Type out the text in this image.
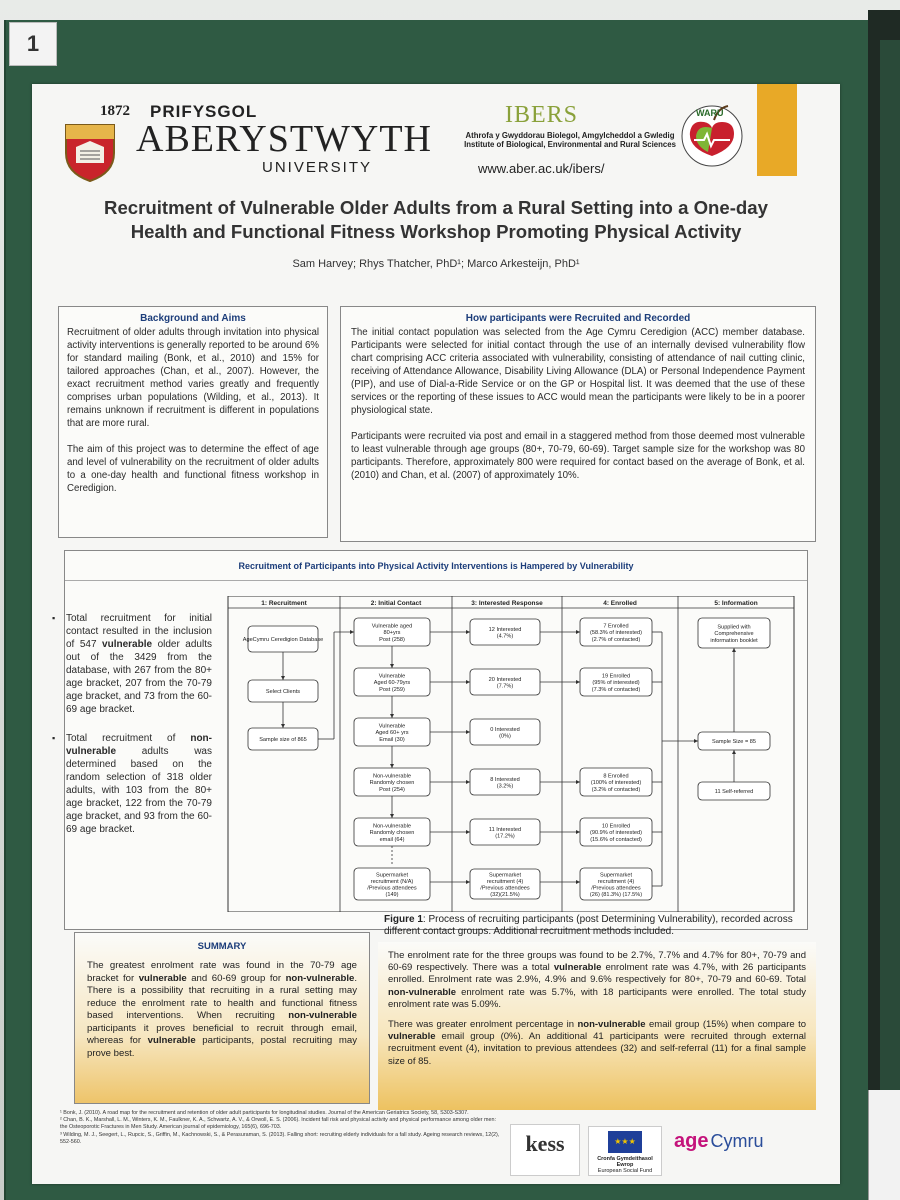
1
1872 PRIFYSGOL
ABERYSTWYTH
UNIVERSITY
IBERS
Athrofa y Gwyddorau Biolegol, Amgylcheddol a Gwledig
Institute of Biological, Environmental and Rural Sciences
www.aber.ac.uk/ibers/
WARU
Recruitment of Vulnerable Older Adults from a Rural Setting into a One-day
Health and Functional Fitness Workshop Promoting Physical Activity
Sam Harvey; Rhys Thatcher, PhD¹; Marco Arkesteijn, PhD¹
Background and Aims

Recruitment of older adults through invitation into physical activity interventions is generally reported to be around 6% for standard mailing (Bonk, et al., 2010) and 15% for tailored approaches (Chan, et al., 2007). However, the exact recruitment method varies greatly and frequently comprises urban populations (Wilding, et al., 2013). It remains unknown if recruitment is different in populations that are more rural.

The aim of this project was to determine the effect of age and level of vulnerability on the recruitment of older adults to a one-day health and functional fitness workshop in Ceredigion.

How participants were Recruited and Recorded

The initial contact population was selected from the Age Cymru Ceredigion (ACC) member database. Participants were selected for initial contact through the use of an internally devised vulnerability flow chart comprising ACC criteria associated with vulnerability, consisting of attendance of nail cutting clinic, receiving of Attendance Allowance, Disability Living Allowance (DLA) or Personal Independence Payment (PIP), and use of Dial-a-Ride Service or on the GP or Hospital list. It was deemed that the use of these services or the reporting of these issues to ACC would mean the participants were likely to be in a poorer physiological state.

Participants were recruited via post and email in a staggered method from those deemed most vulnerable to least vulnerable through age groups (80+, 70-79, 60-69). Target sample size for the workshop was 80 participants. Therefore, approximately 800 were required for contact based on the average of Bonk, et al. (2010) and Chan, et al. (2007) of approximately 10%.

Recruitment of Participants into Physical Activity Interventions is Hampered by Vulnerability
▪ Total recruitment for initial contact resulted in the inclusion of 547 vulnerable older adults out of the 3429 from the database, with 267 from the 80+ age bracket, 207 from the 70-79 age bracket, and 73 from the 60-69 age bracket.
▪ Total recruitment of non-vulnerable adults was determined based on the random selection of 318 older adults, with 103 from the 80+ age bracket, 122 from the 70-79 age bracket, and 93 from the 60-69 age bracket.
1: Recruitment	2: Initial Contact	3: Interested Response	4: Enrolled	5: Information
AgeCymru Ceredigion Database
Select Clients
Sample size of 865
Vulnerable aged
80+yrs
Post (258)
Vulnerable
Aged 60-79yrs
Post (259)
Vulnerable
Aged 60+ yrs
Email (30)
Non-vulnerable
Randomly chosen
Post (254)
Non-vulnerable
Randomly chosen
email (64)
Supermarket
recruitment (N/A)
/Previous attendees
(149)
12 Interested
(4.7%)
20 Interested
(7.7%)
0 Interested
(0%)
8 Interested
(3.2%)
11 Interested
(17.2%)
Supermarket
recruitment (4)
/Previous attendees
(32)(21.5%)
7 Enrolled
(58.3% of interested)
(2.7% of contacted)
19 Enrolled
(95% of interested)
(7.3% of contacted)
8 Enrolled
(100% of interested)
(3.2% of contacted)
10 Enrolled
(90.9% of interested)
(15.6% of contacted)
Supermarket
recruitment (4)
/Previous attendees
(26) (81.3%) (17.5%)
Sample Size = 85
Supplied with
Comprehensive
information booklet
11 Self-referred
Figure 1: Process of recruiting participants (post Determining Vulnerability), recorded across different contact groups. Additional recruitment methods included.
SUMMARY

The greatest enrolment rate was found in the 70-79 age bracket for vulnerable and 60-69 group for non-vulnerable. There is a possibility that recruiting in a rural setting may reduce the enrolment rate to health and functional fitness based interventions. When recruiting non-vulnerable participants it proves beneficial to recruit through email, whereas for vulnerable participants, postal recruiting may prove best.

The enrolment rate for the three groups was found to be 2.7%, 7.7% and 4.7% for 80+, 70-79 and 60-69 respectively. There was a total vulnerable enrolment rate was 4.7%, with 26 participants enrolled. Enrolment rate was 2.9%, 4.9% and 9.6% respectively for 80+, 70-79 and 60-69. Total non-vulnerable enrolment rate was 5.7%, with 18 participants were enrolled. The total study enrolment rate was 5.09%.

There was greater enrolment percentage in non-vulnerable email group (15%) when compare to vulnerable email group (0%). An additional 41 participants were recruited through external recruitment event (4), invitation to previous attendees (32) and self-referral (11) for a final sample size of 85.

¹ Bonk, J. (2010). A road map for the recruitment and retention of older adult participants for longitudinal studies. Journal of the American Geriatrics Society, 58, S303-S307.
² Chan, B. K., Marshall, L. M., Winters, K. M., Faulkner, K. A., Schwartz, A. V., & Orwoll, E. S. (2006). Incident fall risk and physical activity and physical performance among older men: the Osteoporotic Fractures in Men Study. American journal of epidemiology, 165(6), 696-703.
³ Wilding, M. J., Seegert, L., Rupcic, S., Griffin, M., Kachnowski, S., & Perasuraman, S. (2013). Falling short: recruiting elderly individuals for a fall study. Ageing research reviews, 12(2), 552-560.	kess	★★★
Cronfa Gymdeithasol Ewrop
European Social Fund
age Cymru
